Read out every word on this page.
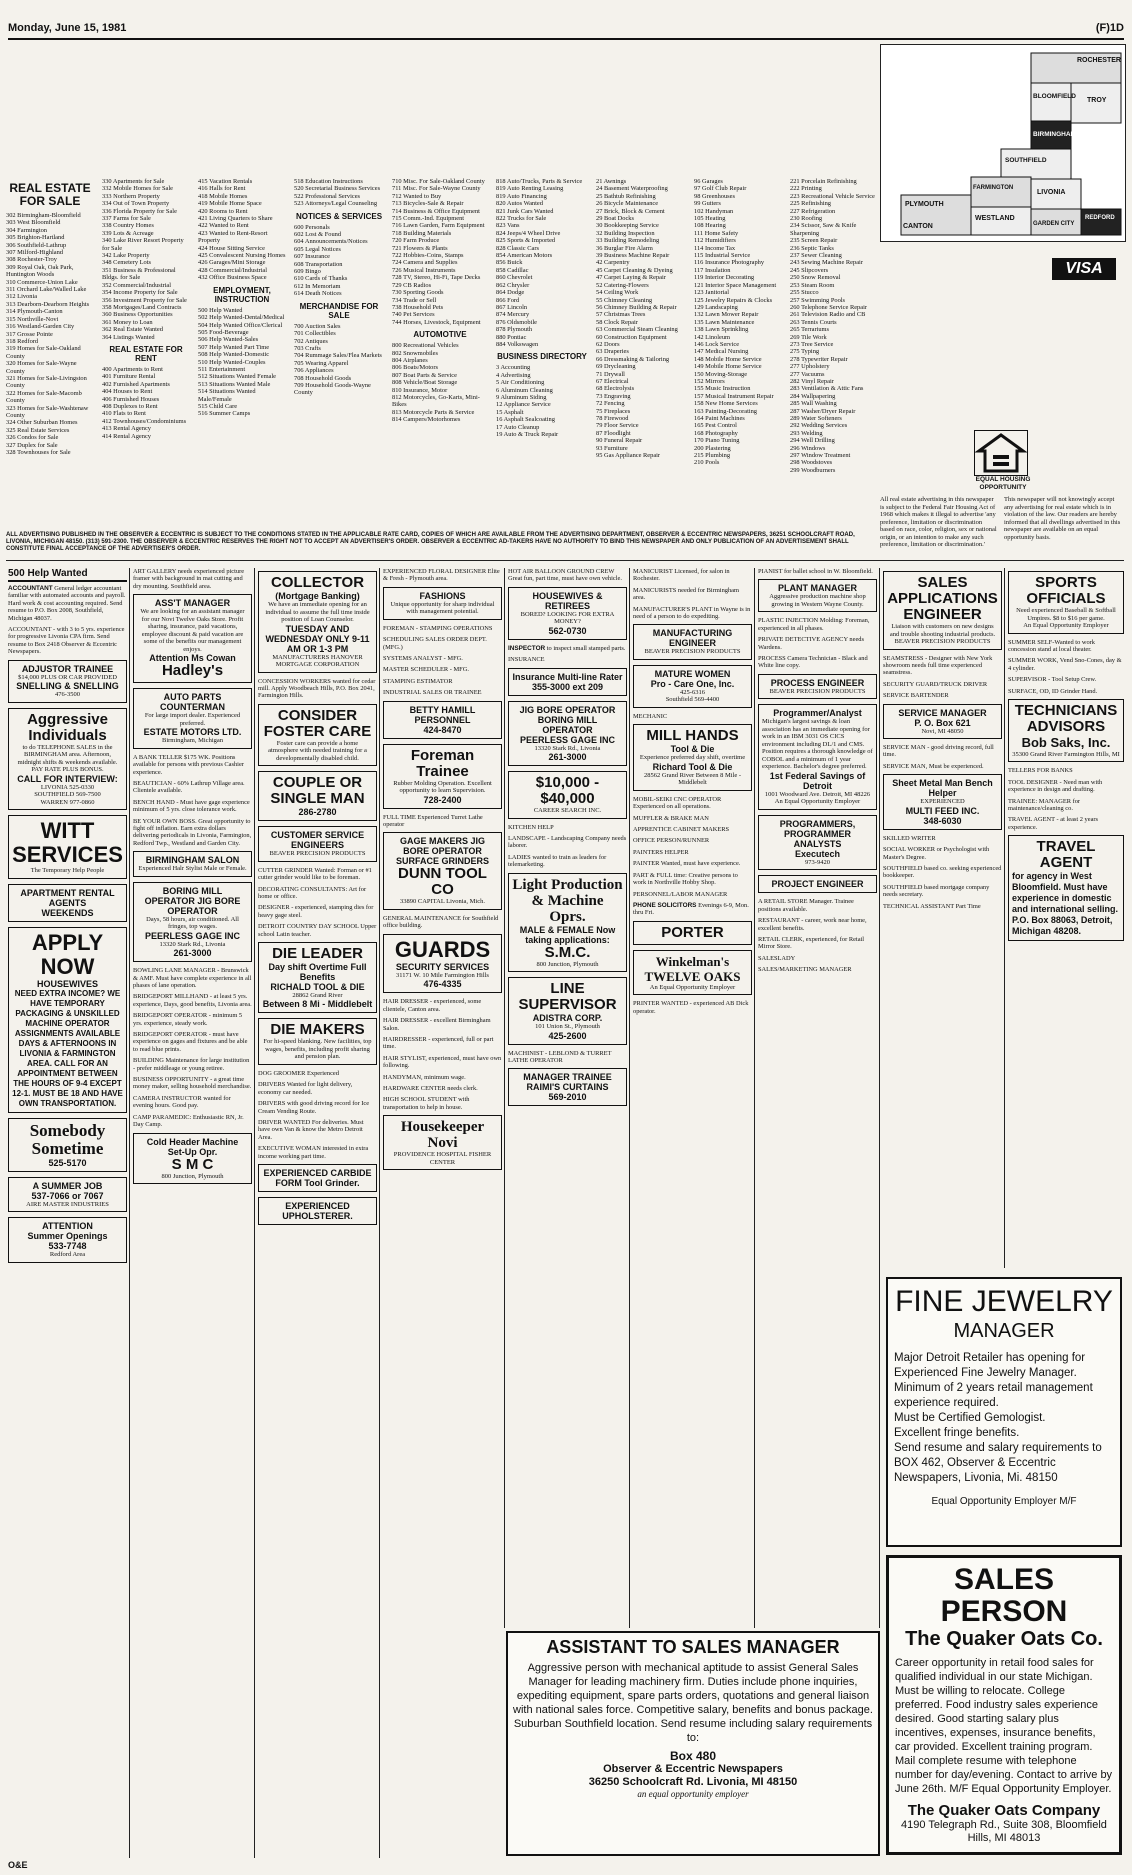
Monday, June 15, 1981	(F)1D
ROCHESTER
BLOOMFIELD
TROY
BIRMINGHAM
SOUTHFIELD
FARMINGTON
LIVONIA
PLYMOUTH
REDFORD
CANTON
WESTLAND
GARDEN CITY
VISA
REAL ESTATE FOR SALE
302 Birmingham-Bloomfield
303 West Bloomfield
304 Farmington
305 Brighton-Hartland
306 Southfield-Lathrup
307 Milford-Highland
308 Rochester-Troy
309 Royal Oak, Oak Park, Huntington Woods
310 Commerce-Union Lake
311 Orchard Lake/Walled Lake
312 Livonia
313 Dearborn-Dearborn Heights
314 Plymouth-Canton
315 Northville-Novi
316 Westland-Garden City
317 Grosse Pointe
318 Redford
319 Homes for Sale-Oakland County
320 Homes for Sale-Wayne County
321 Homes for Sale-Livingston County
322 Homes for Sale-Macomb County
323 Homes for Sale-Washtenaw County
324 Other Suburban Homes
325 Real Estate Services
326 Condos for Sale
327 Duplex for Sale
328 Townhouses for Sale
330 Apartments for Sale
332 Mobile Homes for Sale
333 Northern Property
334 Out of Town Property
336 Florida Property for Sale
337 Farms for Sale
338 Country Homes
339 Lots & Acreage
340 Lake River Resort Property for Sale
342 Lake Property
348 Cemetery Lots
351 Business & Professional Bldgs. for Sale
352 Commercial/Industrial
354 Income Property for Sale
356 Investment Property for Sale
358 Mortgages/Land Contracts
360 Business Opportunities
361 Money to Loan
362 Real Estate Wanted
364 Listings Wanted
REAL ESTATE FOR RENT
400 Apartments to Rent
401 Furniture Rental
402 Furnished Apartments
404 Houses to Rent
406 Furnished Houses
408 Duplexes to Rent
410 Flats to Rent
412 Townhouses/Condominiums
413 Rental Agency
414 Rental Agency
415 Vacation Rentals
416 Halls for Rent
418 Mobile Homes
419 Mobile Home Space
420 Rooms to Rent
421 Living Quarters to Share
422 Wanted to Rent
423 Wanted to Rent-Resort Property
424 House Sitting Service
425 Convalescent Nursing Homes
426 Garages/Mini Storage
428 Commercial/Industrial
432 Office Business Space
EMPLOYMENT, INSTRUCTION
500 Help Wanted
502 Help Wanted-Dental/Medical
504 Help Wanted Office/Clerical
505 Food-Beverage
506 Help Wanted-Sales
507 Help Wanted Part Time
508 Help Wanted-Domestic
510 Help Wanted-Couples
511 Entertainment
512 Situations Wanted Female
513 Situations Wanted Male
514 Situations Wanted Male/Female
515 Child Care
516 Summer Camps
518 Education Instructions
520 Secretarial Business Services
522 Professional Services
523 Attorneys/Legal Counseling
NOTICES & SERVICES
600 Personals
602 Lost & Found
604 Announcements/Notices
605 Legal Notices
607 Insurance
608 Transportation
609 Bingo
610 Cards of Thanks
612 In Memoriam
614 Death Notices
MERCHANDISE FOR SALE
700 Auction Sales
701 Collectibles
702 Antiques
703 Crafts
704 Rummage Sales/Flea Markets
705 Wearing Apparel
706 Appliances
708 Household Goods
709 Household Goods-Wayne County
710 Misc. For Sale-Oakland County
711 Misc. For Sale-Wayne County
712 Wanted to Buy
713 Bicycles-Sale & Repair
714 Business & Office Equipment
715 Comm.-Ind. Equipment
716 Lawn Garden, Farm Equipment
718 Building Materials
720 Farm Produce
721 Flowers & Plants
722 Hobbies-Coins, Stamps
724 Camera and Supplies
726 Musical Instruments
728 TV, Stereo, Hi-Fi, Tape Decks
729 CB Radios
730 Sporting Goods
734 Trade or Sell
738 Household Pets
740 Pet Services
744 Horses, Livestock, Equipment
AUTOMOTIVE
800 Recreational Vehicles
802 Snowmobiles
804 Airplanes
806 Boats/Motors
807 Boat Parts & Service
808 Vehicle/Boat Storage
810 Insurance, Motor
812 Motorcycles, Go-Karts, Mini-Bikes
813 Motorcycle Parts & Service
814 Campers/Motorhomes
818 Auto/Trucks, Parts & Service
819 Auto Renting Leasing
819 Auto Financing
820 Autos Wanted
821 Junk Cars Wanted
822 Trucks for Sale
823 Vans
824 Jeeps/4 Wheel Drive
825 Sports & Imported
828 Classic Cars
854 American Motors
856 Buick
858 Cadillac
860 Chevrolet
862 Chrysler
864 Dodge
866 Ford
867 Lincoln
874 Mercury
876 Oldsmobile
878 Plymouth
880 Pontiac
884 Volkswagen
BUSINESS DIRECTORY
3 Accounting
4 Advertising
5 Air Conditioning
6 Aluminum Cleaning
9 Aluminum Siding
12 Appliance Service
15 Asphalt
16 Asphalt Sealcoating
17 Auto Cleanup
19 Auto & Truck Repair
21 Awnings
24 Basement Waterproofing
25 Bathtub Refinishing
26 Bicycle Maintenance
27 Brick, Block & Cement
29 Boat Docks
30 Bookkeeping Service
32 Building Inspection
33 Building Remodeling
36 Burglar Fire Alarm
39 Business Machine Repair
42 Carpentry
45 Carpet Cleaning & Dyeing
47 Carpet Laying & Repair
52 Catering-Flowers
54 Ceiling Work
55 Chimney Cleaning
56 Chimney Building & Repair
57 Christmas Trees
58 Clock Repair
63 Commercial Steam Cleaning
60 Construction Equipment
62 Doors
63 Draperies
66 Dressmaking & Tailoring
69 Drycleaning
71 Drywall
67 Electrical
68 Electrolysis
73 Engraving
72 Fencing
75 Fireplaces
78 Firewood
79 Floor Service
87 Floodlight
90 Funeral Repair
93 Furniture
95 Gas Appliance Repair
96 Garages
97 Golf Club Repair
98 Greenhouses
99 Gutters
102 Handyman
105 Heating
108 Hearing
111 Home Safety
112 Humidifiers
114 Income Tax
115 Industrial Service
116 Insurance Photography
117 Insulation
119 Interior Decorating
121 Interior Space Management
123 Janitorial
125 Jewelry Repairs & Clocks
129 Landscaping
132 Lawn Mower Repair
135 Lawn Maintenance
138 Lawn Sprinkling
142 Linoleum
146 Lock Service
147 Medical Nursing
148 Mobile Home Service
149 Mobile Home Service
150 Moving-Storage
152 Mirrors
155 Music Instruction
157 Musical Instrument Repair
158 New Home Services
163 Painting-Decorating
164 Paint Machines
165 Pest Control
168 Photography
170 Piano Tuning
200 Plastering
215 Plumbing
210 Pools
221 Porcelain Refinishing
222 Printing
223 Recreational Vehicle Service
225 Refinishing
227 Refrigeration
230 Roofing
234 Scissor, Saw & Knife Sharpening
235 Screen Repair
236 Septic Tanks
237 Sewer Cleaning
243 Sewing Machine Repair
245 Slipcovers
250 Snow Removal
253 Steam Room
255 Stucco
257 Swimming Pools
260 Telephone Service Repair
261 Television Radio and CB
263 Tennis Courts
265 Terrariums
269 Tile Work
273 Tree Service
275 Typing
278 Typewriter Repair
277 Upholstery
277 Vacuums
282 Vinyl Repair
283 Ventilation & Attic Fans
284 Wallpapering
285 Wall Washing
287 Washer/Dryer Repair
289 Water Softeners
292 Wedding Services
293 Welding
294 Well Drilling
296 Windows
297 Window Treatment
298 Woodstoves
299 Woodburners
EQUAL HOUSING OPPORTUNITY
All real estate advertising in this newspaper is subject to the Federal Fair Housing Act of 1968 which makes it illegal to advertise 'any preference, limitation or discrimination based on race, color, religion, sex or national origin, or an intention to make any such preference, limitation or discrimination.'
This newspaper will not knowingly accept any advertising for real estate which is in violation of the law. Our readers are hereby informed that all dwellings advertised in this newspaper are available on an equal opportunity basis.
ALL ADVERTISING PUBLISHED IN THE OBSERVER & ECCENTRIC IS SUBJECT TO THE CONDITIONS STATED IN THE APPLICABLE RATE CARD, COPIES OF WHICH ARE AVAILABLE FROM THE ADVERTISING DEPARTMENT, OBSERVER & ECCENTRIC NEWSPAPERS, 36251 SCHOOLCRAFT ROAD, LIVONIA, MICHIGAN 48150. (313) 591-2300. THE OBSERVER & ECCENTRIC RESERVES THE RIGHT NOT TO ACCEPT AN ADVERTISER'S ORDER. OBSERVER & ECCENTRIC AD-TAKERS HAVE NO AUTHORITY TO BIND THIS NEWSPAPER AND ONLY PUBLICATION OF AN ADVERTISEMENT SHALL CONSTITUTE FINAL ACCEPTANCE OF THE ADVERTISER'S ORDER.
500 Help Wanted
ACCOUNTANT General ledger accountant familiar with automated accounts and payroll. Hard work & cost accounting required. Send resume to P.O. Box 2008, Southfield, Michigan 48037.
ACCOUNTANT - with 3 to 5 yrs. experience for progressive Livonia CPA firm. Send resume to Box 2418 Observer & Eccentric Newspapers.
ADJUSTOR TRAINEE
$14,000 PLUS OR CAR PROVIDED
SNELLING & SNELLING
476-3500
Aggressive Individuals
to do TELEPHONE SALES in the BIRMINGHAM area. Afternoon, midnight shifts & weekends available. PAY RATE PLUS BONUS.
CALL FOR INTERVIEW:
LIVONIA 525-0330
SOUTHFIELD 569-7500
WARREN 977-0860
WITT SERVICES
The Temporary Help People
APARTMENT RENTAL AGENTS
WEEKENDS
APPLY NOW
HOUSEWIVES
NEED EXTRA INCOME? WE HAVE TEMPORARY PACKAGING & UNSKILLED MACHINE OPERATOR ASSIGNMENTS AVAILABLE DAYS & AFTERNOONS IN LIVONIA & FARMINGTON AREA. CALL FOR AN APPOINTMENT BETWEEN THE HOURS OF 9-4 EXCEPT 12-1. MUST BE 18 AND HAVE OWN TRANSPORTATION.
Somebody Sometime
525-5170
A SUMMER JOB
537-7066 or 7067
AIRE MASTER INDUSTRIES
ATTENTION
Summer Openings
533-7748
Redford Area
ART GALLERY needs experienced picture framer with background in mat cutting and dry mounting. Southfield area.
ASS'T MANAGER
We are looking for an assistant manager for our Novi Twelve Oaks Store. Profit sharing, insurance, paid vacations, employee discount & paid vacation are some of the benefits our management enjoys.
Attention Ms Cowan
Hadley's
AUTO PARTS COUNTERMAN
For large import dealer. Experienced preferred.
ESTATE MOTORS LTD.
Birmingham, Michigan
A BANK TELLER $175 WK. Positions available for persons with previous Cashier experience.
BEAUTICIAN - 60% Lathrup Village area. Clientele available.
BENCH HAND - Must have gage experience minimum of 5 yrs. close tolerance work.
BE YOUR OWN BOSS. Great opportunity to fight off inflation. Earn extra dollars delivering periodicals in Livonia, Farmington, Redford Twp., Westland and Garden City.
BIRMINGHAM SALON
Experienced Halr Stylist Male or Female.
BORING MILL OPERATOR JIG BORE OPERATOR
Days, 58 hours, air conditioned. All fringes, top wages.
PEERLESS GAGE INC
13320 Stark Rd., Livonia
261-3000
BOWLING LANE MANAGER - Brunswick & AMF. Must have complete experience in all phases of lane operation.
BRIDGEPORT MILLHAND - at least 5 yrs. experience, Days, good benefits, Livonia area.
BRIDGEPORT OPERATOR - minimum 5 yrs. experience, steady work.
BRIDGEPORT OPERATOR - must have experience on gages and fixtures and be able to read blue prints.
BUILDING Maintenance for large institution - prefer middleage or young retiree.
BUSINESS OPPORTUNITY - a great time money maker, selling household merchandise.
CAMERA INSTRUCTOR wanted for evening hours. Good pay.
CAMP PARAMEDIC: Enthusiastic RN, Jr. Day Camp.
Cold Header Machine Set-Up Opr.
S M C
800 Junction, Plymouth
COLLECTOR
(Mortgage Banking)
We have an immediate opening for an individual to assume the full time inside position of Loan Counselor.
TUESDAY AND WEDNESDAY ONLY 9-11 AM OR 1-3 PM
MANUFACTURERS HANOVER MORTGAGE CORPORATION
CONCESSION WORKERS wanted for cedar mill. Apply Woodbeach Hills, P.O. Box 2041, Farmington Hills.
CONSIDER FOSTER CARE
Foster care can provide a home atmosphere with needed training for a developmentally disabled child.
COUPLE OR SINGLE MAN
286-2780
CUSTOMER SERVICE ENGINEERS
BEAVER PRECISION PRODUCTS
CUTTER GRINDER Wanted: Forman or #1 cutter grinder would like to be foreman.
DECORATING CONSULTANTS: Art for home or office.
DESIGNER - experienced, stamping dies for heavy gage steel.
DETROIT COUNTRY DAY SCHOOL Upper school Latin teacher.
DIE LEADER
Day shift Overtime Full Benefits
RICHALD TOOL & DIE
28862 Grand River
Between 8 Mi - Middlebelt
DIE MAKERS
For hi-speed blanking. New facilities, top wages, benefits, including profit sharing and pension plan.
DOG GROOMER Experienced
DRIVERS Wanted for light delivery, economy car needed.
DRIVERS with good driving record for Ice Cream Vending Route.
DRIVER WANTED For deliveries. Must have own Van & know the Metro Detroit Area.
EXECUTIVE WOMAN interested in extra income working part time.
EXPERIENCED CARBIDE FORM Tool Grinder.
EXPERIENCED UPHOLSTERER.
EXPERIENCED FLORAL DESIGNER Elite & Fresh - Plymouth area.
FASHIONS
Unique opportunity for sharp individual with management potential.
FOREMAN - STAMPING OPERATIONS
SCHEDULING SALES ORDER DEPT. (MFG.)
SYSTEMS ANALYST - MFG.
MASTER SCHEDULER - MFG.
STAMPING ESTIMATOR
INDUSTRIAL SALES OR TRAINEE
BETTY HAMILL PERSONNEL
424-8470
Foreman Trainee
Rubber Molding Operation. Excellent opportunity to learn Supervision.
728-2400
FULL TIME Experienced Turret Lathe operator
GAGE MAKERS JIG BORE OPERATOR SURFACE GRINDERS
DUNN TOOL CO
33890 CAPITAL Livonia, Mich.
GENERAL MAINTENANCE for Southfield office building.
GUARDS
SECURITY SERVICES
31171 W. 10 Mile Farmington Hills
476-4335
HAIR DRESSER - experienced, some clientele, Canton area.
HAIR DRESSER - excellent Birmingham Salon.
HAIRDRESSER - experienced, full or part time.
HAIR STYLIST, experienced, must have own following.
HANDYMAN, minimum wage.
HARDWARE CENTER needs clerk.
HIGH SCHOOL STUDENT with transportation to help in house.
Housekeeper
Novi
PROVIDENCE HOSPITAL FISHER CENTER
HOT AIR BALLOON GROUND CREW Great fun, part time, must have own vehicle.
HOUSEWIVES & RETIREES
BORED? LOOKING FOR EXTRA MONEY?
562-0730
INSPECTOR to inspect small stamped parts.
INSURANCE
Insurance Multi-line Rater
355-3000 ext 209
JIG BORE OPERATOR
BORING MILL OPERATOR
PEERLESS GAGE INC
13320 Stark Rd., Livonia
261-3000
$10,000 - $40,000
CAREER SEARCH INC.
KITCHEN HELP
LANDSCAPE - Landscaping Company needs laborer.
LADIES wanted to train as leaders for telemarketing.
Light Production & Machine Oprs.
MALE & FEMALE Now taking applications:
S.M.C.
800 Junction, Plymouth
LINE SUPERVISOR
ADISTRA CORP.
101 Union St., Plymouth
425-2600
MACHINIST - LEBLOND & TURRET LATHE OPERATOR
MANAGER TRAINEE
RAIMI'S CURTAINS
569-2010
MANICURIST Licensed, for salon in Rochester.
MANICURISTS needed for Birmingham area.
MANUFACTURER'S PLANT in Wayne is in need of a person to do expediting.
MANUFACTURING ENGINEER
BEAVER PRECISION PRODUCTS
MATURE WOMEN
Pro - Care One, Inc.
425-6316
Southfield 569-4400
MECHANIC
MILL HANDS
Tool & Die
Experience preferred day shift, overtime
Richard Tool & Die
28562 Grand River Between 8 Mile - Middlebelt
MOBIL-SEIKI CNC OPERATOR Experienced on all operations.
MUFFLER & BRAKE MAN
APPRENTICE CABINET MAKERS
OFFICE PERSON/RUNNER
PAINTERS HELPER
PAINTER Wanted, must have experience.
PART & FULL time: Creative persons to work in Northville Hobby Shop.
PERSONNEL/LABOR MANAGER
PHONE SOLICITORS Evenings 6-9, Mon. thru Fri.
PORTER
Winkelman's TWELVE OAKS
An Equal Opportunity Employer
PRINTER WANTED - experienced AB Dick operator.
PIANIST for ballet school in W. Bloomfield.
PLANT MANAGER
Aggressive production machine shop growing in Western Wayne County.
PLASTIC INJECTION Molding: Foreman, experienced in all phases.
PRIVATE DETECTIVE AGENCY needs Wardens.
PROCESS Camera Technician - Black and White line copy.
PROCESS ENGINEER
BEAVER PRECISION PRODUCTS
Programmer/Analyst
Michigan's largest savings & loan association has an immediate opening for work in an IBM 3031 OS CICS environment including DL/1 and CMS. Position requires a thorough knowledge of COBOL and a minimum of 1 year experience. Bachelor's degree preferred.
1st Federal Savings of Detroit
1001 Woodward Ave. Detroit, MI 48226
An Equal Opportunity Employer
PROGRAMMERS, PROGRAMMER ANALYSTS
Executech
973-9420
PROJECT ENGINEER
A RETAIL STORE Manager. Trainee positions available.
RESTAURANT - career, work near home, excellent benefits.
RETAIL CLERK, experienced, for Retail Mirror Store.
SALESLADY
SALES/MARKETING MANAGER
SALES APPLICATIONS ENGINEER
Liaison with customers on new designs and trouble shooting industrial products.
BEAVER PRECISION PRODUCTS
SEAMSTRESS - Designer with New York showroom needs full time experienced seamstress.
SECURITY GUARD/TRUCK DRIVER
SERVICE BARTENDER
SERVICE MANAGER
P. O. Box 621
Novi, MI 48050
SERVICE MAN - good driving record, full time.
SERVICE MAN, Must be experienced.
Sheet Metal Man Bench Helper
EXPERIENCED
MULTI FEED INC.
348-6030
SKILLED WRITER
SOCIAL WORKER or Psychologist with Master's Degree.
SOUTHFIELD based co. seeking experienced bookkeeper.
SOUTHFIELD based mortgage company needs secretary.
TECHNICAL ASSISTANT Part Time
SPORTS OFFICIALS
Need experienced Baseball & Softball Umpires. $8 to $16 per game.
An Equal Opportunity Employer
SUMMER SELF-Wanted to work concession stand at local theater.
SUMMER WORK, Vend Sno-Cones, day & 4 cylinder.
SUPERVISOR - Tool Setup Crew.
SURFACE, OD, ID Grinder Hand.
TECHNICIANS ADVISORS
Bob Saks, Inc.
35300 Grand River Farmington Hills, MI
TELLERS FOR BANKS
TOOL DESIGNER - Need man with experience in design and drafting.
TRAINEE: MANAGER for maintenance/cleaning co.
TRAVEL AGENT - at least 2 years experience.
TRAVEL AGENT
for agency in West Bloomfield. Must have experience in domestic and international selling.
P.O. Box 88063, Detroit, Michigan 48208.
ASSISTANT TO SALES MANAGER
Aggressive person with mechanical aptitude to assist General Sales Manager for leading machinery firm. Duties include phone inquiries, expediting equipment, spare parts orders, quotations and general liaison with national sales force. Competitive salary, benefits and bonus package. Suburban Southfield location. Send resume including salary requirements to:
Box 480
Observer & Eccentric Newspapers
36250 Schoolcraft Rd. Livonia, MI 48150
an equal opportunity employer
FINE JEWELRY
MANAGER
Major Detroit Retailer has opening for Experienced Fine Jewelry Manager.
Minimum of 2 years retail management experience required.
Must be Certified Gemologist.
Excellent fringe benefits.
Send resume and salary requirements to BOX 462, Observer & Eccentric Newspapers, Livonia, Mi. 48150
Equal Opportunity Employer M/F
SALES PERSON
The Quaker Oats Co.
Career opportunity in retail food sales for qualified individual in our state Michigan. Must be willing to relocate. College preferred. Food industry sales experience desired. Good starting salary plus incentives, expenses, insurance benefits, car provided. Excellent training program. Mail complete resume with telephone number for day/evening. Contact to arrive by June 26th. M/F Equal Opportunity Employer.
The Quaker Oats Company
4190 Telegraph Rd., Suite 308, Bloomfield Hills, MI 48013
O&E
